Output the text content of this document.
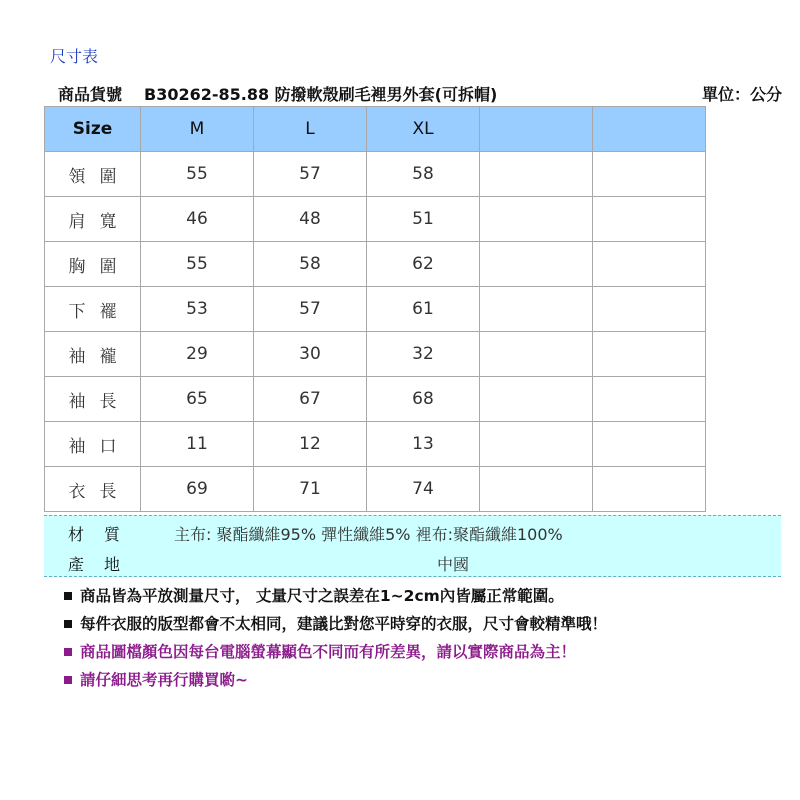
尺寸表
商品貨號 B30262-85.88 防撥軟殼刷毛裡男外套(可拆帽)	單位：公分
Size	M	L	XL		
領圍	55	57	58		
肩寬	46	48	51		
胸圍	55	58	62		
下襬	53	57	61		
袖襱	29	30	32		
袖長	65	67	68		
袖口	11	12	13		
衣長	69	71	74		
材質 主布: 聚酯纖維95% 彈性纖維5% 裡布:聚酯纖維100%
產地	中國
商品皆為平放測量尺寸， 丈量尺寸之誤差在1~2cm內皆屬正常範圍。
每件衣服的版型都會不太相同，建議比對您平時穿的衣服，尺寸會較精準哦！
商品圖檔顏色因每台電腦螢幕顯色不同而有所差異，請以實際商品為主！
請仔細思考再行購買喲~
